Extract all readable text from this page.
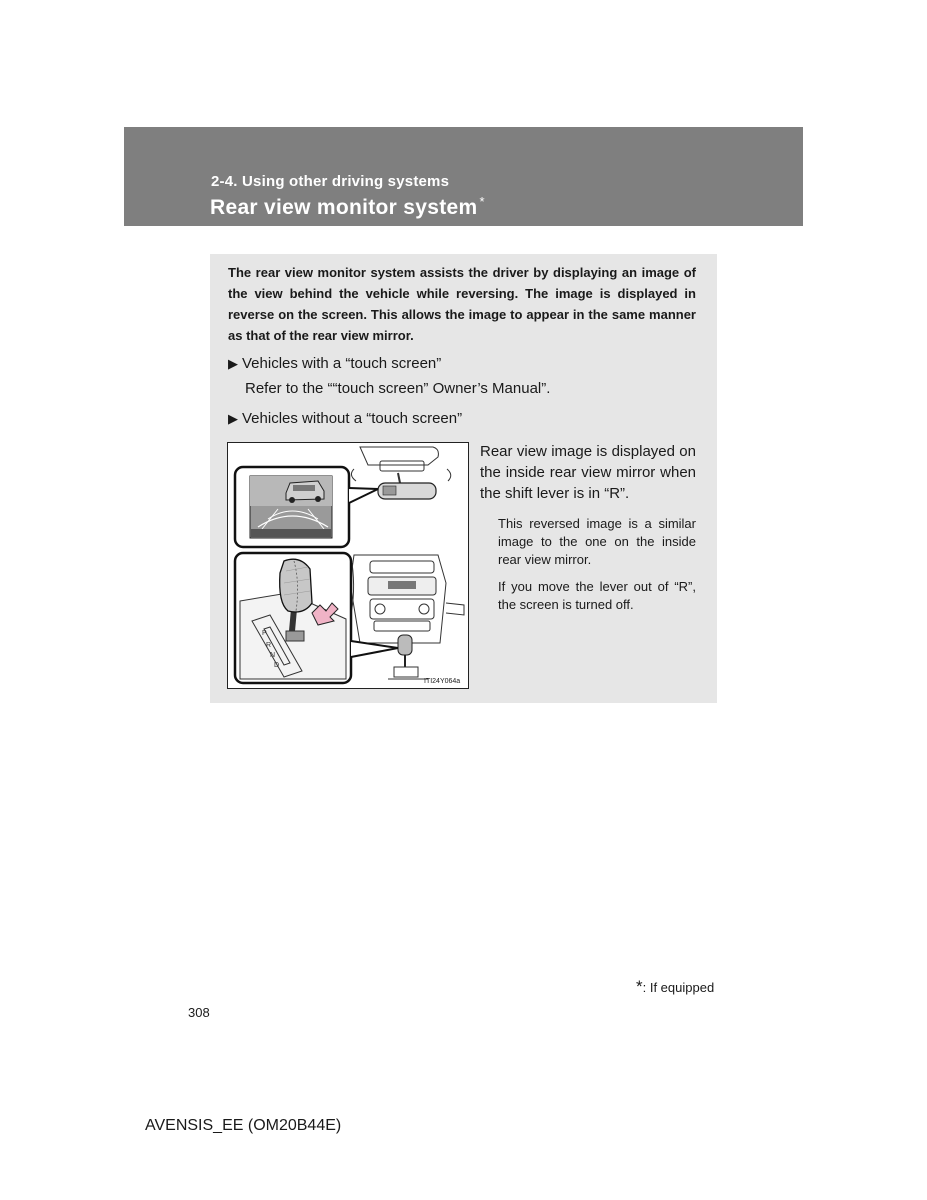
2-4. Using other driving systems
Rear view monitor system *

The rear view monitor system assists the driver by displaying an image of the view behind the vehicle while reversing. The image is displayed in reverse on the screen. This allows the image to appear in the same manner as that of the rear view mirror.

▶ Vehicles with a “touch screen”
Refer to the ““touch screen” Owner’s Manual”.
▶ Vehicles without a “touch screen”
P
R
N
D
ITI24Y064a

Rear view image is displayed on the inside rear view mirror when the shift lever is in “R”.

This reversed image is a similar image to the one on the inside rear view mirror.

If you move the lever out of “R”, the screen is turned off.

*: If equipped
308
AVENSIS_EE (OM20B44E)
